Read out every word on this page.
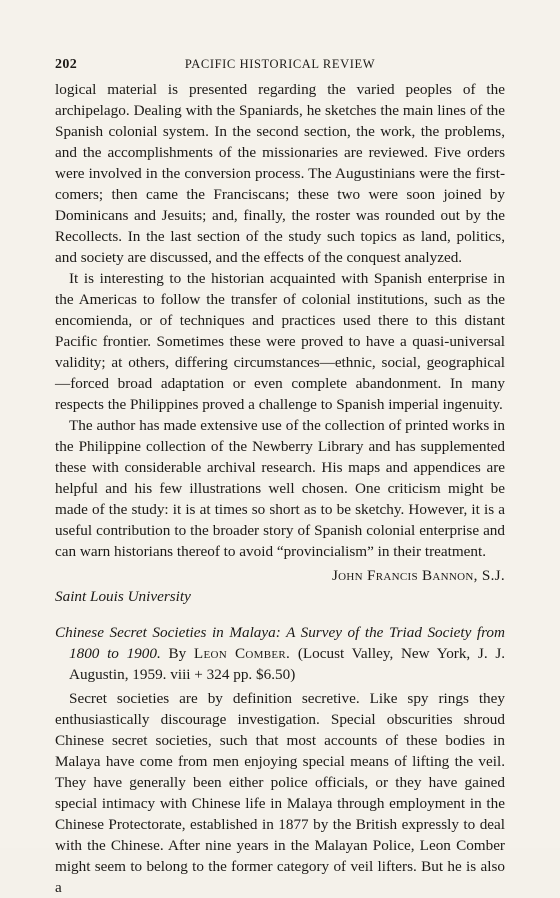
202	PACIFIC HISTORICAL REVIEW

logical material is presented regarding the varied peoples of the archipelago. Dealing with the Spaniards, he sketches the main lines of the Spanish colonial system. In the second section, the work, the problems, and the accomplishments of the missionaries are reviewed. Five orders were involved in the conversion process. The Augustinians were the first-comers; then came the Franciscans; these two were soon joined by Dominicans and Jesuits; and, finally, the roster was rounded out by the Recollects. In the last section of the study such topics as land, politics, and society are discussed, and the effects of the conquest analyzed.

It is interesting to the historian acquainted with Spanish enterprise in the Americas to follow the transfer of colonial institutions, such as the encomienda, or of techniques and practices used there to this distant Pacific frontier. Sometimes these were proved to have a quasi-universal validity; at others, differing circumstances—ethnic, social, geographical—forced broad adaptation or even complete abandonment. In many respects the Philippines proved a challenge to Spanish imperial ingenuity.

The author has made extensive use of the collection of printed works in the Philippine collection of the Newberry Library and has supplemented these with considerable archival research. His maps and appendices are helpful and his few illustrations well chosen. One criticism might be made of the study: it is at times so short as to be sketchy. However, it is a useful contribution to the broader story of Spanish colonial enterprise and can warn historians thereof to avoid “provincialism” in their treatment.

John Francis Bannon, S.J.

Saint Louis University

Chinese Secret Societies in Malaya: A Survey of the Triad Society from 1800 to 1900. By Leon Comber. (Locust Valley, New York, J. J. Augustin, 1959. viii + 324 pp. $6.50)

Secret societies are by definition secretive. Like spy rings they enthusiastically discourage investigation. Special obscurities shroud Chinese secret societies, such that most accounts of these bodies in Malaya have come from men enjoying special means of lifting the veil. They have generally been either police officials, or they have gained special intimacy with Chinese life in Malaya through employment in the Chinese Protectorate, established in 1877 by the British expressly to deal with the Chinese. After nine years in the Malayan Police, Leon Comber might seem to belong to the former category of veil lifters. But he is also a
